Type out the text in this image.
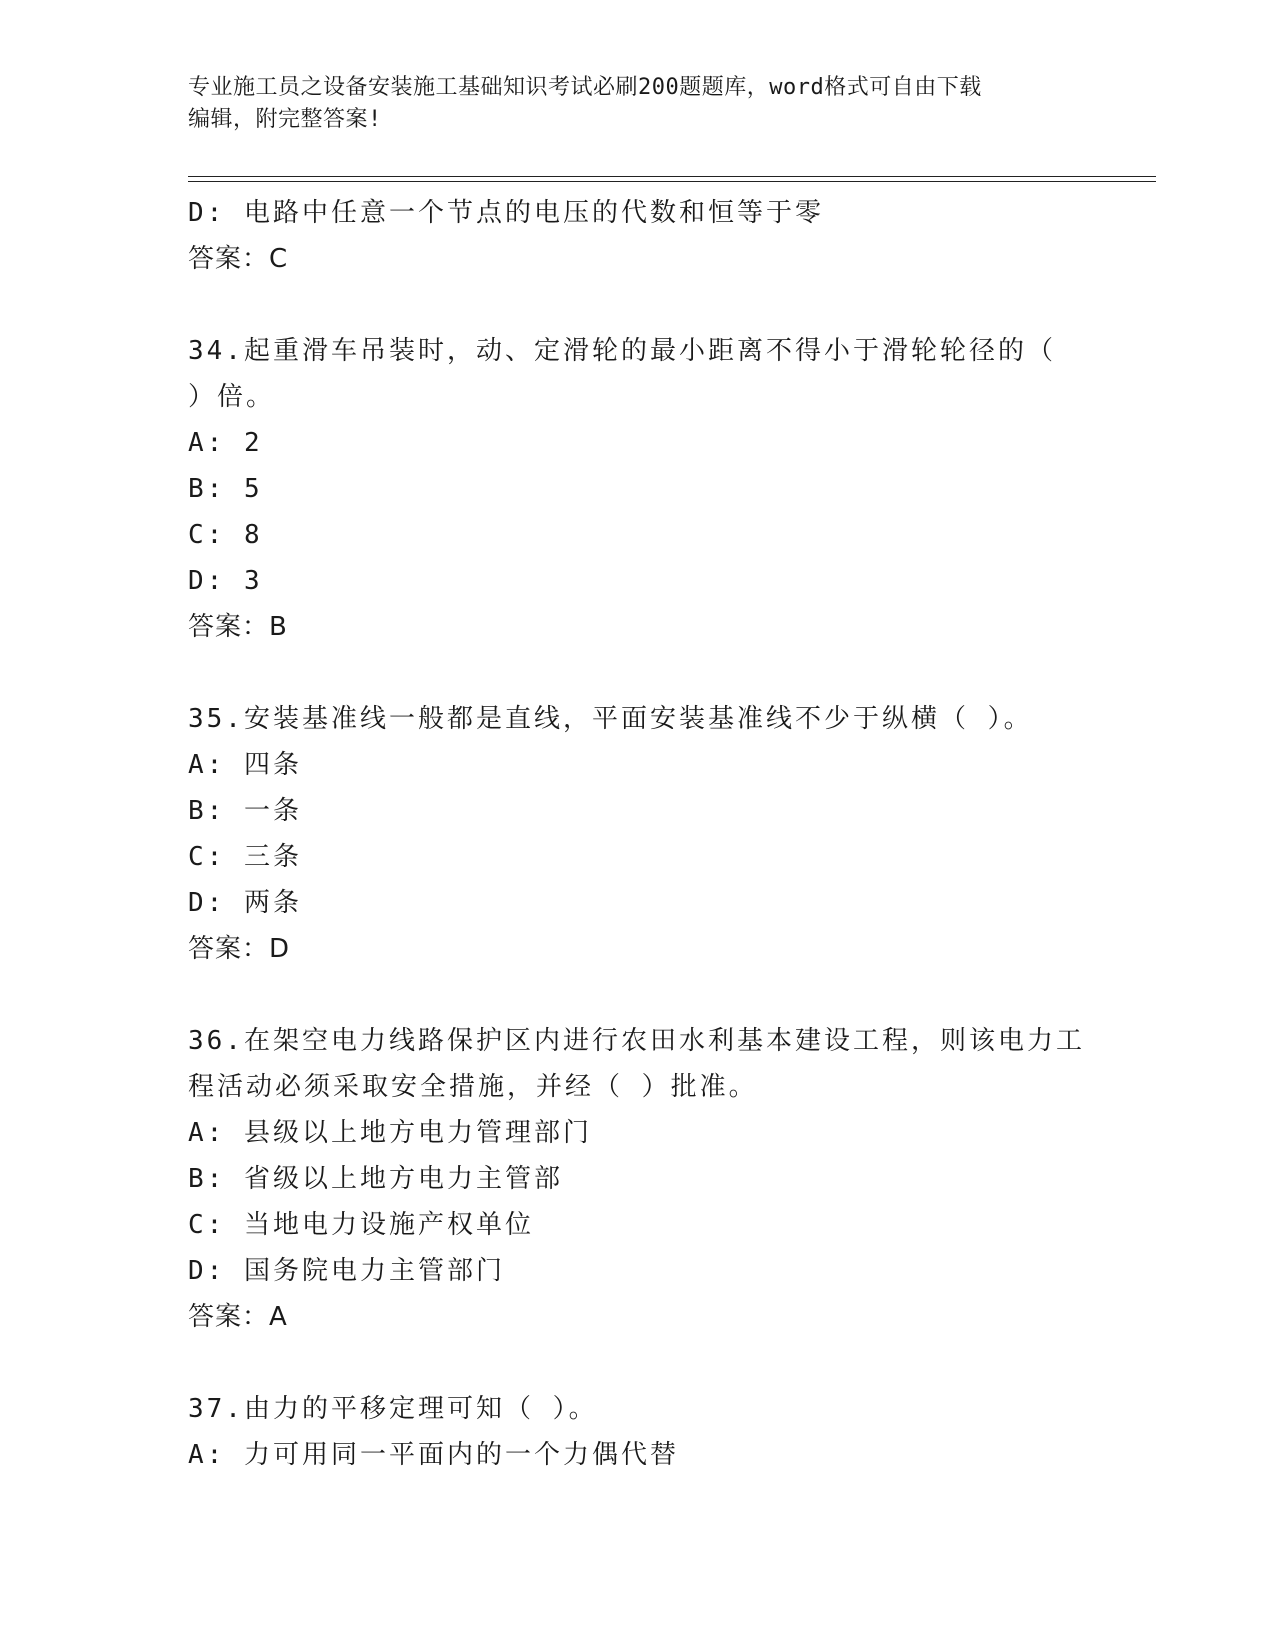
专业施工员之设备安装施工基础知识考试必刷200题题库，word格式可自由下载
编辑，附完整答案!
D: 电路中任意一个节点的电压的代数和恒等于零
答案：C
34.起重滑车吊装时，动、定滑轮的最小距离不得小于滑轮轮径的（
）倍。
A: 2
B: 5
C: 8
D: 3
答案：B
35.安装基准线一般都是直线，平面安装基准线不少于纵横（ ）。
A: 四条
B: 一条
C: 三条
D: 两条
答案：D
36.在架空电力线路保护区内进行农田水利基本建设工程，则该电力工
程活动必须采取安全措施，并经（ ）批准。
A: 县级以上地方电力管理部门
B: 省级以上地方电力主管部
C: 当地电力设施产权单位
D: 国务院电力主管部门
答案：A
37.由力的平移定理可知（ ）。
A: 力可用同一平面内的一个力偶代替
